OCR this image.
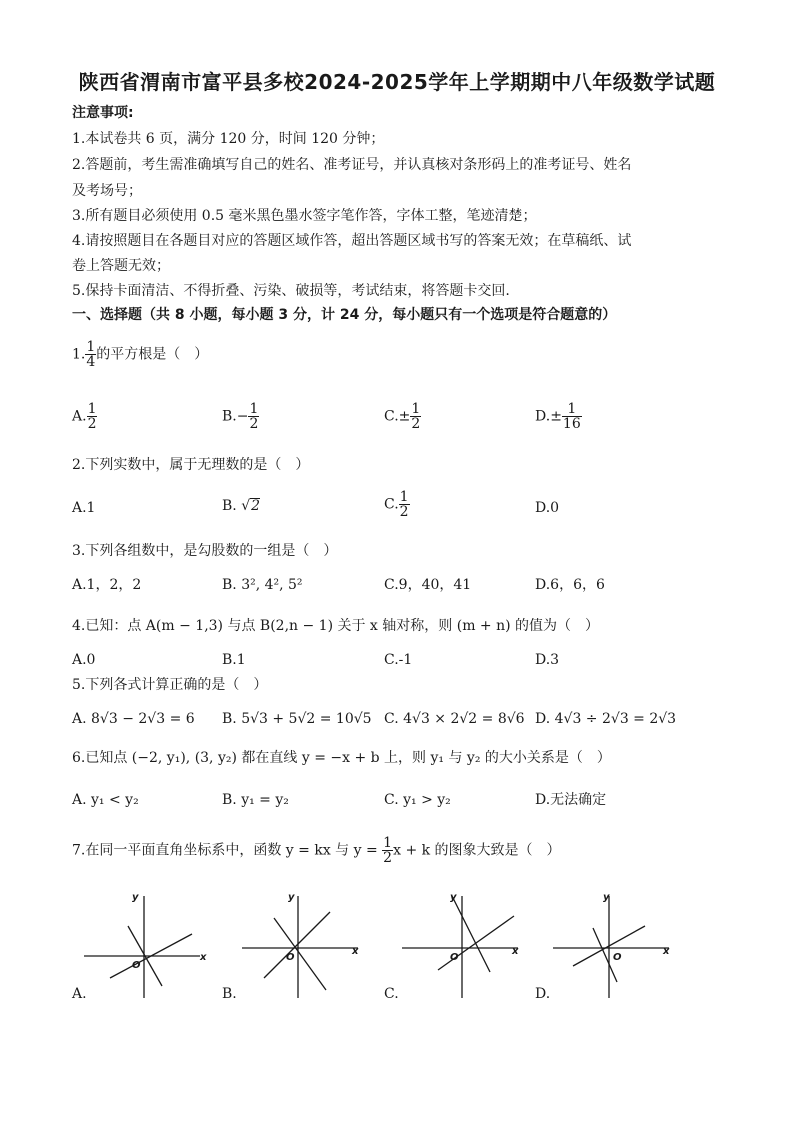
陕西省渭南市富平县多校2024-2025学年上学期期中八年级数学试题
注意事项:
1.本试卷共 6 页，满分 120 分，时间 120 分钟；
2.答题前，考生需准确填写自己的姓名、准考证号，并认真核对条形码上的准考证号、姓名
及考场号；
3.所有题目必须使用 0.5 毫米黑色墨水签字笔作答，字体工整，笔迹清楚；
4.请按照题目在各题目对应的答题区域作答，超出答题区域书写的答案无效；在草稿纸、试
卷上答题无效；
5.保持卡面清洁、不得折叠、污染、破损等，考试结束，将答题卡交回.
一、选择题（共 8 小题，每小题 3 分，计 24 分，每小题只有一个选项是符合题意的）
1. $\frac{1}{4}$ 的平方根是（　）
A. $\frac{1}{2}$	$B.- \frac{1}{2}$	$C.\pm \frac{1}{2}$	$D.\pm \frac{1}{16}$
2.下列实数中，属于无理数的是（　）
A.1	B. √2	C. $\frac{1}{2}$	D.0
3.下列各组数中，是勾股数的一组是（　）
A.1，2，2	B. 3², 4², 5²	C.9，40，41	D.6，6，6
4.已知：点 A(m − 1,3) 与点 B(2,n − 1) 关于 x 轴对称，则 (m + n) 的值为（　）
A.0	B.1	C.-1	D.3
5.下列各式计算正确的是（　）
A. 8√3 − 2√3 = 6 B. 5√3 + 5√2 = 10√5 C. 4√3 × 2√2 = 8√6 D. 4√3 ÷ 2√3 = 2√3
6.已知点 (−2, y₁), (3, y₂) 都在直线 y = −x + b 上，则 y₁ 与 y₂ 的大小关系是（　）
A. y₁ < y₂	B. y₁ = y₂	C. y₁ > y₂	D.无法确定
7.在同一平面直角坐标系中，函数 y = kx 与 $y = \frac{1}{2}$ x + k 的图象大致是（　）
y
x
O
y
x
O
y
x
O
y
x
O
A.	B.	C.	D.
